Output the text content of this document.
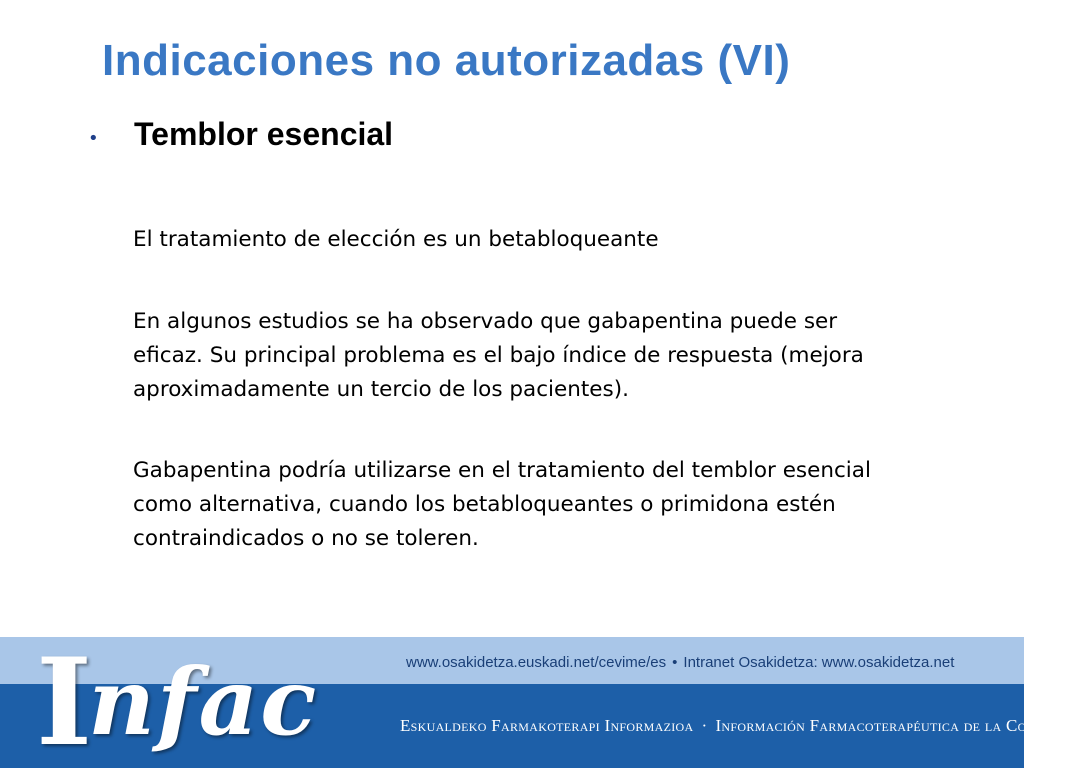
Indicaciones no autorizadas (VI)
• Temblor esencial
El tratamiento de elección es un betabloqueante
En algunos estudios se ha observado que gabapentina puede ser
eficaz. Su principal problema es el bajo índice de respuesta (mejora
aproximadamente un tercio de los pacientes).
Gabapentina podría utilizarse en el tratamiento del temblor esencial
como alternativa, cuando los betabloqueantes o primidona estén
contraindicados o no se toleren.
Infac	www.osakidetza.euskadi.net/cevime/es • Intranet Osakidetza: www.osakidetza.net
Eskualdeko Farmakoterapi Informazioa · Información Farmacoterapéutica de la Comarca
